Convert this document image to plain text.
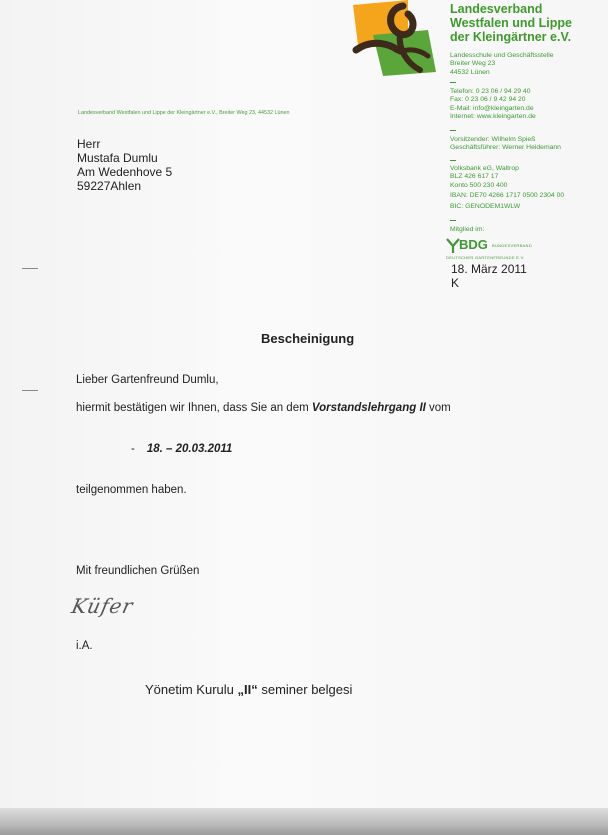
Landesverband
Westfalen und Lippe
der Kleingärtner e.V.
Landesschule und Geschäftsstelle
Breiter Weg 23
44532 Lünen
Telefon: 0 23 06 / 94 29 40
Fax: 0 23 06 / 9 42 94 20
E-Mail: info@kleingarten.de
Internet: www.kleingarten.de
Vorsitzender: Wilhelm Spieß
Geschäftsführer: Werner Heidemann
Volksbank eG, Waltrop
BLZ 426 617 17
Konto 500 230 400
IBAN: DE70 4266 1717 0500 2304 00
BIC: GENODEM1WLW
Mitglied im:
BDG BUNDESVERBAND
DEUTSCHER GARTENFREUNDE E.V.
Landesverband Westfalen und Lippe der Kleingärtner e.V., Breiter Weg 23, 44532 Lünen
Herr
Mustafa Dumlu
Am Wedenhove 5
59227Ahlen
18. März 2011
K
Bescheinigung
Lieber Gartenfreund Dumlu,
hiermit bestätigen wir Ihnen, dass Sie an dem Vorstandslehrgang II vom
- 18. – 20.03.2011
teilgenommen haben.
Mit freundlichen Grüßen
Küfer
i.A.
Yönetim Kurulu „II“ seminer belgesi
